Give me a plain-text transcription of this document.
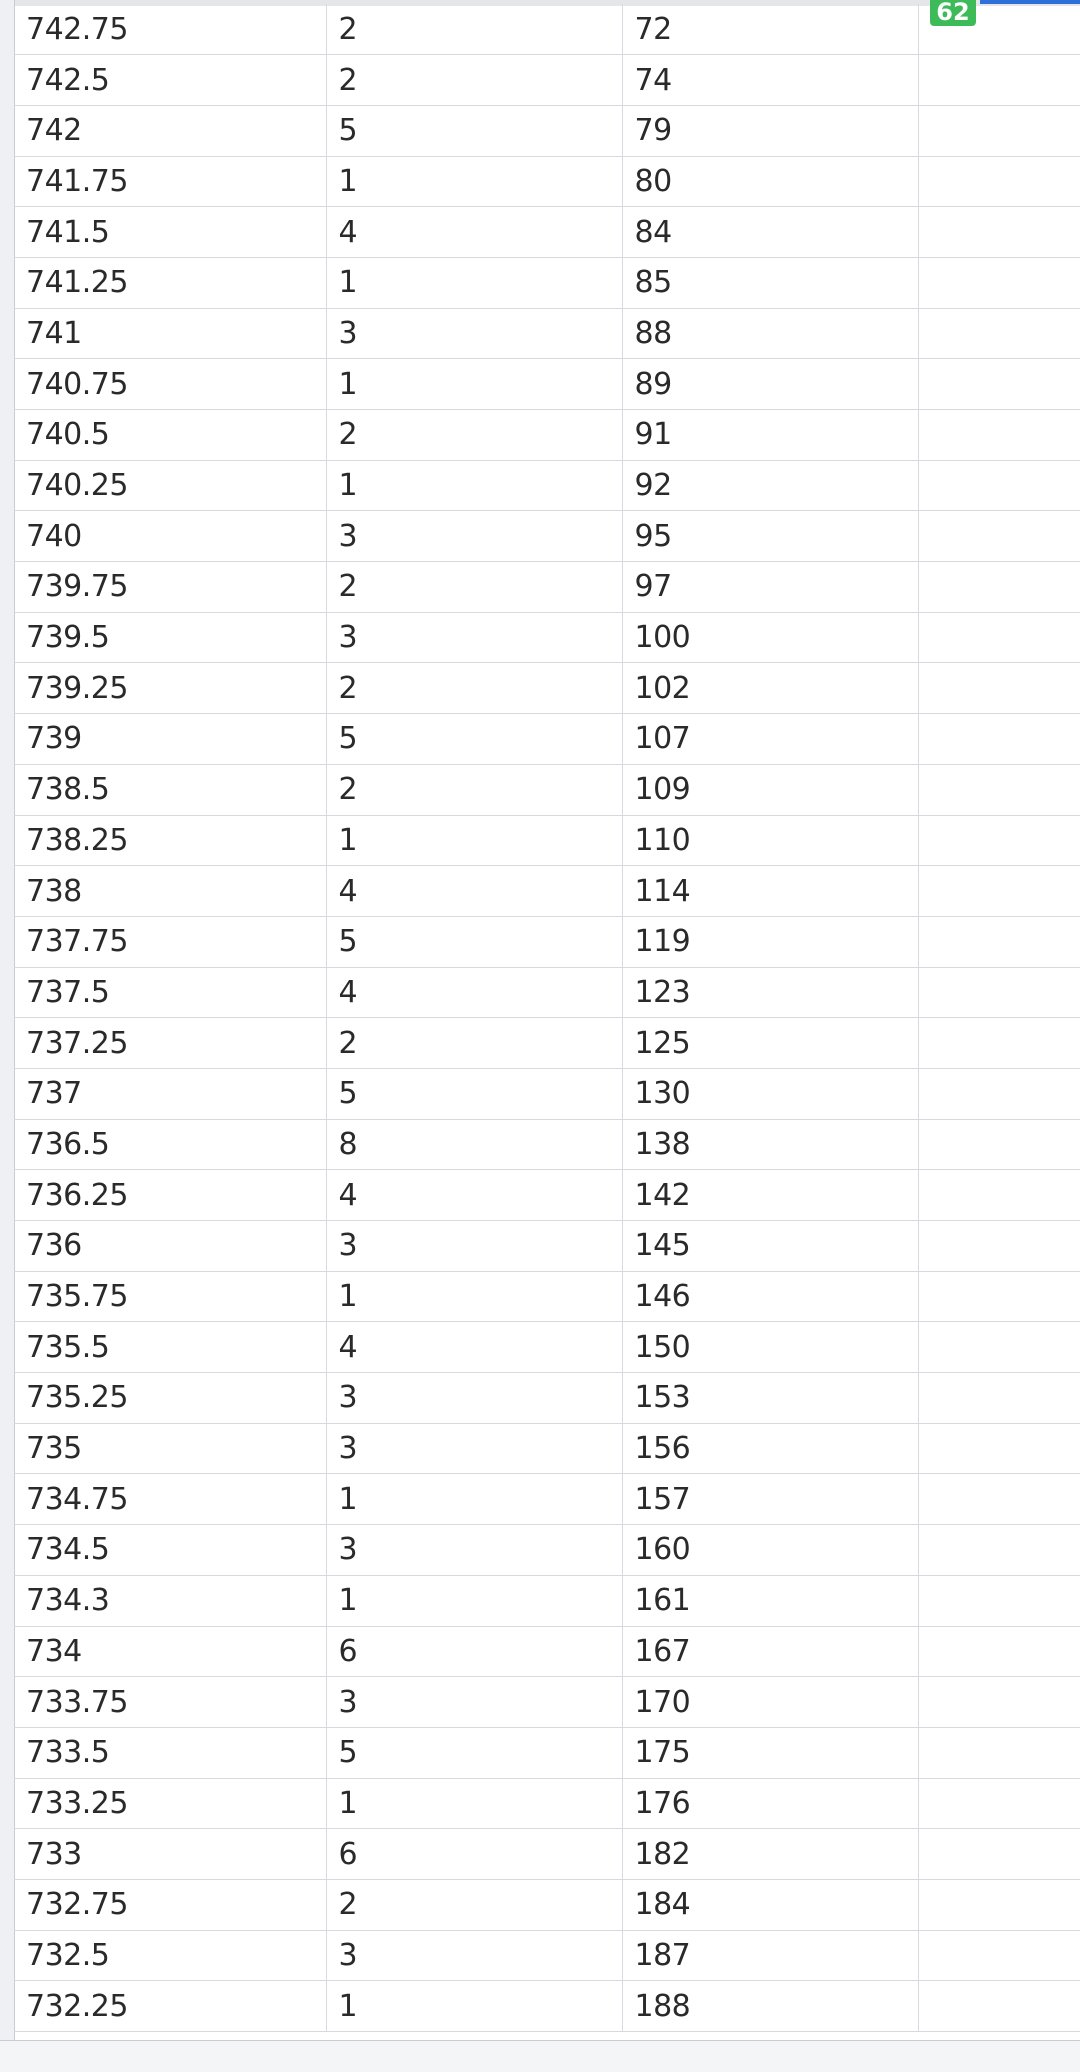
62
742.75	2	72	
742.5	2	74	
742	5	79	
741.75	1	80	
741.5	4	84	
741.25	1	85	
741	3	88	
740.75	1	89	
740.5	2	91	
740.25	1	92	
740	3	95	
739.75	2	97	
739.5	3	100	
739.25	2	102	
739	5	107	
738.5	2	109	
738.25	1	110	
738	4	114	
737.75	5	119	
737.5	4	123	
737.25	2	125	
737	5	130	
736.5	8	138	
736.25	4	142	
736	3	145	
735.75	1	146	
735.5	4	150	
735.25	3	153	
735	3	156	
734.75	1	157	
734.5	3	160	
734.3	1	161	
734	6	167	
733.75	3	170	
733.5	5	175	
733.25	1	176	
733	6	182	
732.75	2	184	
732.5	3	187	
732.25	1	188	
